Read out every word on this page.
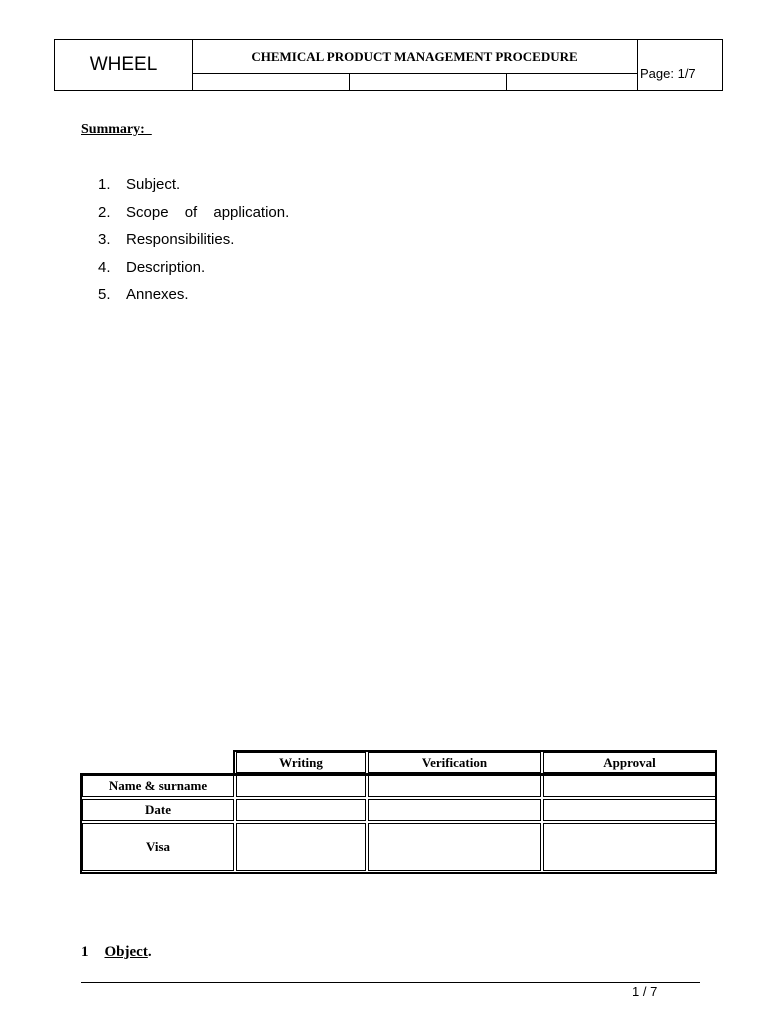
WHEEL	CHEMICAL PRODUCT MANAGEMENT PROCEDURE
Page: 1/7
Summary:
1.	Subject.
2.	Scope of application.
3.	Responsibilities.
4.	Description.
5.	Annexes.
	Writing	Verification	Approval
Name & surname			
Date			
Visa			
1 Object.
1 / 7
